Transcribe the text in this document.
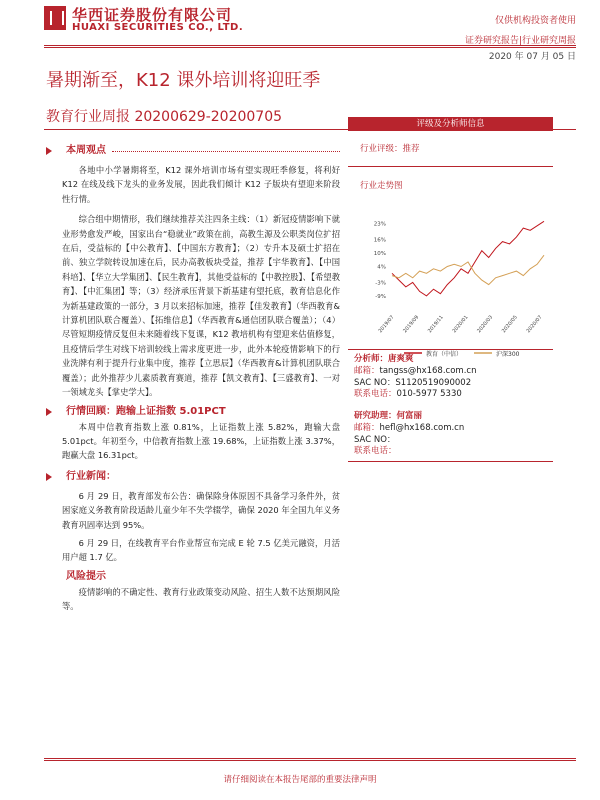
华西证券股份有限公司
HUAXI SECURITIES CO., LTD.
仅供机构投资者使用
证券研究报告|行业研究周报
2020 年 07 月 05 日
暑期渐至，K12 课外培训将迎旺季
教育行业周报 20200629-20200705
本周观点

各地中小学暑期将至，K12 课外培训市场有望实现旺季修复，将利好 K12 在线及线下龙头的业务发展，因此我们倾计 K12 子版块有望迎来阶段性行情。

综合组中期情形，我们继续推荐关注四条主线：（1）新冠疫情影响下就业形势愈发严峻，国家出台“稳就业”政策在前，高教生源及公职类岗位扩招在后，受益标的【中公教育】、【中国东方教育】；（2）专升本及硕士扩招在前、独立学院转设加速在后，民办高教板块受益，推荐【宇华教育】、【中国科培】、【华立大学集团】、【民生教育】，其他受益标的【中教控股】、【希望教育】、【中汇集团】等；（3）经济承压背景下新基建有望托底，教育信息化作为新基建政策的一部分，3 月以来招标加速，推荐【佳发教育】（华西教育&计算机团队联合覆盖）、【拓维信息】（华西教育&通信团队联合覆盖）；（4）尽管短期疫情反复但未来随着线下复课，K12 教培机构有望迎来估值修复，且疫情后学生对线下培训较线上需求度更进一步，此外本轮疫情影响下的行业洗牌有利于提升行业集中度，推荐【立思辰】（华西教育&计算机团队联合覆盖）；此外推荐少儿素质教育赛道，推荐【凯文教育】、【三盛教育】、一对一领域龙头【掌史学大】。

行情回顾：跑输上证指数 5.01PCT

本周中信教育指数上涨 0.81%，上证指数上涨 5.82%，跑输大盘 5.01pct。年初至今，中信教育指数上涨 19.68%，上证指数上涨 3.37%，跑赢大盘 16.31pct。

行业新闻：

6 月 29 日，教育部发布公告：确保除身体原因不具备学习条件外，贫困家庭义务教育阶段适龄儿童少年不失学辍学，确保 2020 年全国九年义务教育巩固率达到 95%。

6 月 29 日，在线教育平台作业帮宣布完成 E 轮 7.5 亿美元融资，月活用户超 1.7 亿。

风险提示

疫情影响的不确定性、教育行业政策变动风险、招生人数不达预期风险等。

评级及分析师信息
行业评级：推荐
行业走势图
23%
16%
10%
4%
-3%
-9%
2019/07 2019/09 2019/11 2020/01 2020/03 2020/05 2020/07
教育（中信）	沪深300
分析师：唐爽爽
邮箱：tangss@hx168.com.cn
SAC NO：S1120519090002
联系电话：010-5977 5330
研究助理：何富丽
邮箱：hefl@hx168.com.cn
SAC NO：
联系电话：
请仔细阅读在本报告尾部的重要法律声明
